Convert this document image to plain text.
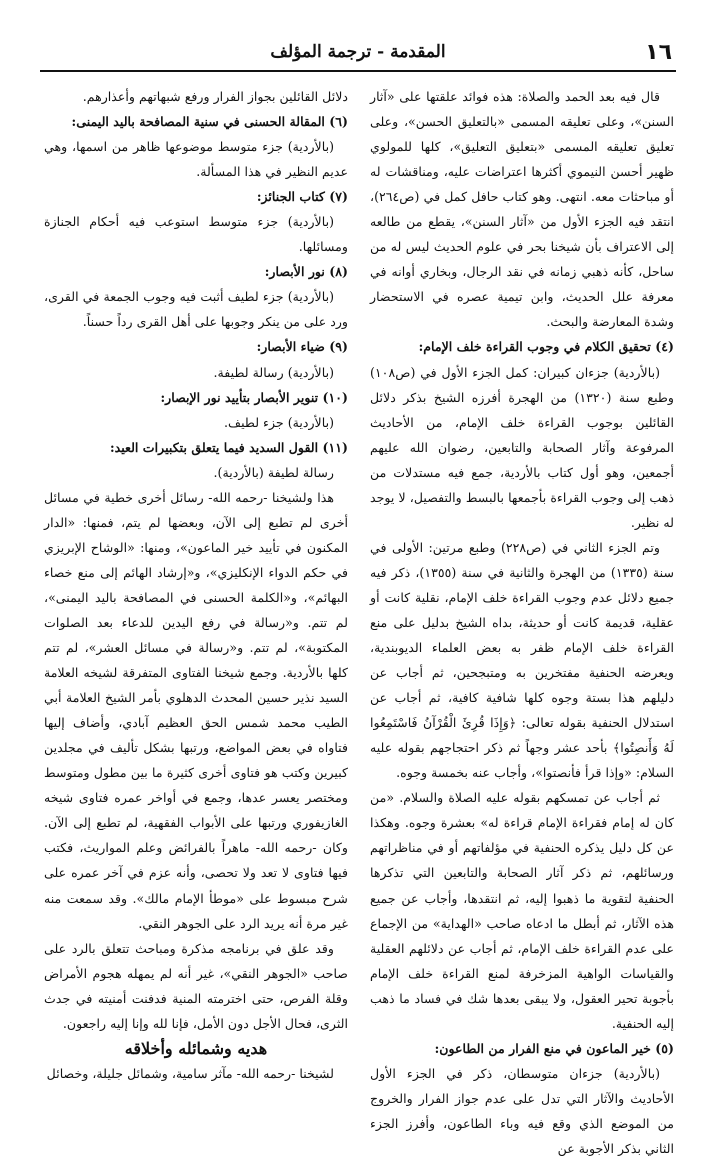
١٦
المقدمة - ترجمة المؤلف

قال فيه بعد الحمد والصلاة: هذه فوائد علقتها على «آثار السنن»، وعلى تعليقه المسمى «بالتعليق الحسن»، وعلى تعليق تعليقه المسمى «بتعليق التعليق»، كلها للمولوي ظهير أحسن النيموي أكثرها اعتراضات عليه، ومناقشات له أو مباحثات معه. انتهى. وهو كتاب حافل كمل في (ص٢٦٤)، انتقد فيه الجزء الأول من «آثار السنن»، يقطع من طالعه إلى الاعتراف بأن شيخنا بحر في علوم الحديث ليس له من ساحل، كأنه ذهبي زمانه في نقد الرجال، وبخاري أوانه في معرفة علل الحديث، وابن تيمية عصره في الاستحضار وشدة المعارضة والبحث.

(٤) تحقيق الكلام في وجوب القراءة خلف الإمام:

(بالأردية) جزءان كبيران: كمل الجزء الأول في (ص١٠٨) وطبع سنة (١٣٢٠) من الهجرة أفرزه الشيخ بذكر دلائل القائلين بوجوب القراءة خلف الإمام، من الأحاديث المرفوعة وآثار الصحابة والتابعين، رضوان الله عليهم أجمعين، وهو أول كتاب بالأردية، جمع فيه مستدلات من ذهب إلى وجوب القراءة بأجمعها بالبسط والتفصيل، لا يوجد له نظير.

وتم الجزء الثاني في (ص٢٢٨) وطبع مرتين: الأولى في سنة (١٣٣٥) من الهجرة والثانية في سنة (١٣٥٥)، ذكر فيه جميع دلائل عدم وجوب القراءة خلف الإمام، نقلية كانت أو عقلية، قديمة كانت أو حديثة، بداه الشيخ بدليل على منع القراءة خلف الإمام ظفر به بعض العلماء الديوبندية، ويعرضه الحنفية مفتخرين به ومتبجحين، ثم أجاب عن دليلهم هذا بستة وجوه كلها شافية كافية، ثم أجاب عن استدلال الحنفية بقوله تعالى: ﴿وَإِذَا قُرِئَ الْقُرْآنُ فَاسْتَمِعُوا لَهُ وَأَنصِتُوا﴾ بأحد عشر وجهاً ثم ذكر احتجاجهم بقوله عليه السلام: «وإذا قرأ فأنصتوا»، وأجاب عنه بخمسة وجوه.

ثم أجاب عن تمسكهم بقوله عليه الصلاة والسلام. «من كان له إمام فقراءة الإمام قراءة له» بعشرة وجوه. وهكذا عن كل دليل يذكره الحنفية في مؤلفاتهم أو في مناظراتهم ورسائلهم، ثم ذكر آثار الصحابة والتابعين التي تذكرها الحنفية لتقوية ما ذهبوا إليه، ثم انتقدها، وأجاب عن جميع هذه الآثار، ثم أبطل ما ادعاه صاحب «الهداية» من الإجماع على عدم القراءة خلف الإمام، ثم أجاب عن دلائلهم العقلية والقياسات الواهية المزخرفة لمنع القراءة خلف الإمام بأجوبة تحير العقول، ولا يبقى بعدها شك في فساد ما ذهب إليه الحنفية.

(٥) خير الماعون في منع الفرار من الطاعون:

(بالأردية) جزءان متوسطان، ذكر في الجزء الأول الأحاديث والآثار التي تدل على عدم جواز الفرار والخروج من الموضع الذي وقع فيه وباء الطاعون، وأفرز الجزء الثاني بذكر الأجوبة عن

دلائل القائلين بجواز الفرار ورفع شبهاتهم وأعذارهم.

(٦) المقالة الحسنى في سنية المصافحة باليد اليمنى:

(بالأردية) جزء متوسط موضوعها ظاهر من اسمها، وهي عديم النظير في هذا المسألة.

(٧) كتاب الجنائز:

(بالأردية) جزء متوسط استوعب فيه أحكام الجنازة ومسائلها.

(٨) نور الأبصار:

(بالأردية) جزء لطيف أثبت فيه وجوب الجمعة في القرى، ورد على من ينكر وجوبها على أهل القرى رداً حسناً.

(٩) ضياء الأبصار:

(بالأردية) رسالة لطيفة.

(١٠) تنوير الأبصار بتأييد نور الإبصار:

(بالأردية) جزء لطيف.

(١١) القول السديد فيما يتعلق بتكبيرات العيد:

رسالة لطيفة (بالأردية).

هذا ولشيخنا -رحمه الله- رسائل أخرى خطية في مسائل أخرى لم تطبع إلى الآن، وبعضها لم يتم، فمنها: «الدار المكنون في تأييد خير الماعون»، ومنها: «الوشاح الإبريزي في حكم الدواء الإنكليزي»، و«إرشاد الهائم إلى منع خصاء البهائم»، و«الكلمة الحسنى في المصافحة باليد اليمنى»، لم تتم. و«رسالة في رفع اليدين للدعاء بعد الصلوات المكتوبة»، لم تتم. و«رسالة في مسائل العشر»، لم تتم كلها بالأردية. وجمع شيخنا الفتاوى المتفرقة لشيخه العلامة السيد نذير حسين المحدث الدهلوي بأمر الشيخ العلامة أبي الطيب محمد شمس الحق العظيم آبادي، وأضاف إليها فتاواه في بعض المواضع، ورتبها بشكل تأليف في مجلدين كبيرين وكتب هو فتاوى أخرى كثيرة ما بين مطول ومتوسط ومختصر يعسر عدها، وجمع في أواخر عمره فتاوى شيخه الغازيفوري ورتبها على الأبواب الفقهية، لم تطبع إلى الآن. وكان -رحمه الله- ماهراً بالفرائض وعلم المواريث، فكتب فيها فتاوى لا تعد ولا تحصى، وأنه عزم في آخر عمره على شرح مبسوط على «موطأ الإمام مالك». وقد سمعت منه غير مرة أنه يريد الرد على الجوهر النقي.

وقد علق في برنامجه مذكرة ومباحث تتعلق بالرد على صاحب «الجوهر النقي»، غير أنه لم يمهله هجوم الأمراض وقلة الفرص، حتى اخترمته المنية فدفنت أمنيته في جدث الثرى، فحال الأجل دون الأمل، فإنا لله وإنا إليه راجعون.

هديه وشمائله وأخلاقه

لشيخنا -رحمه الله- مآثر سامية، وشمائل جليلة، وخصائل
